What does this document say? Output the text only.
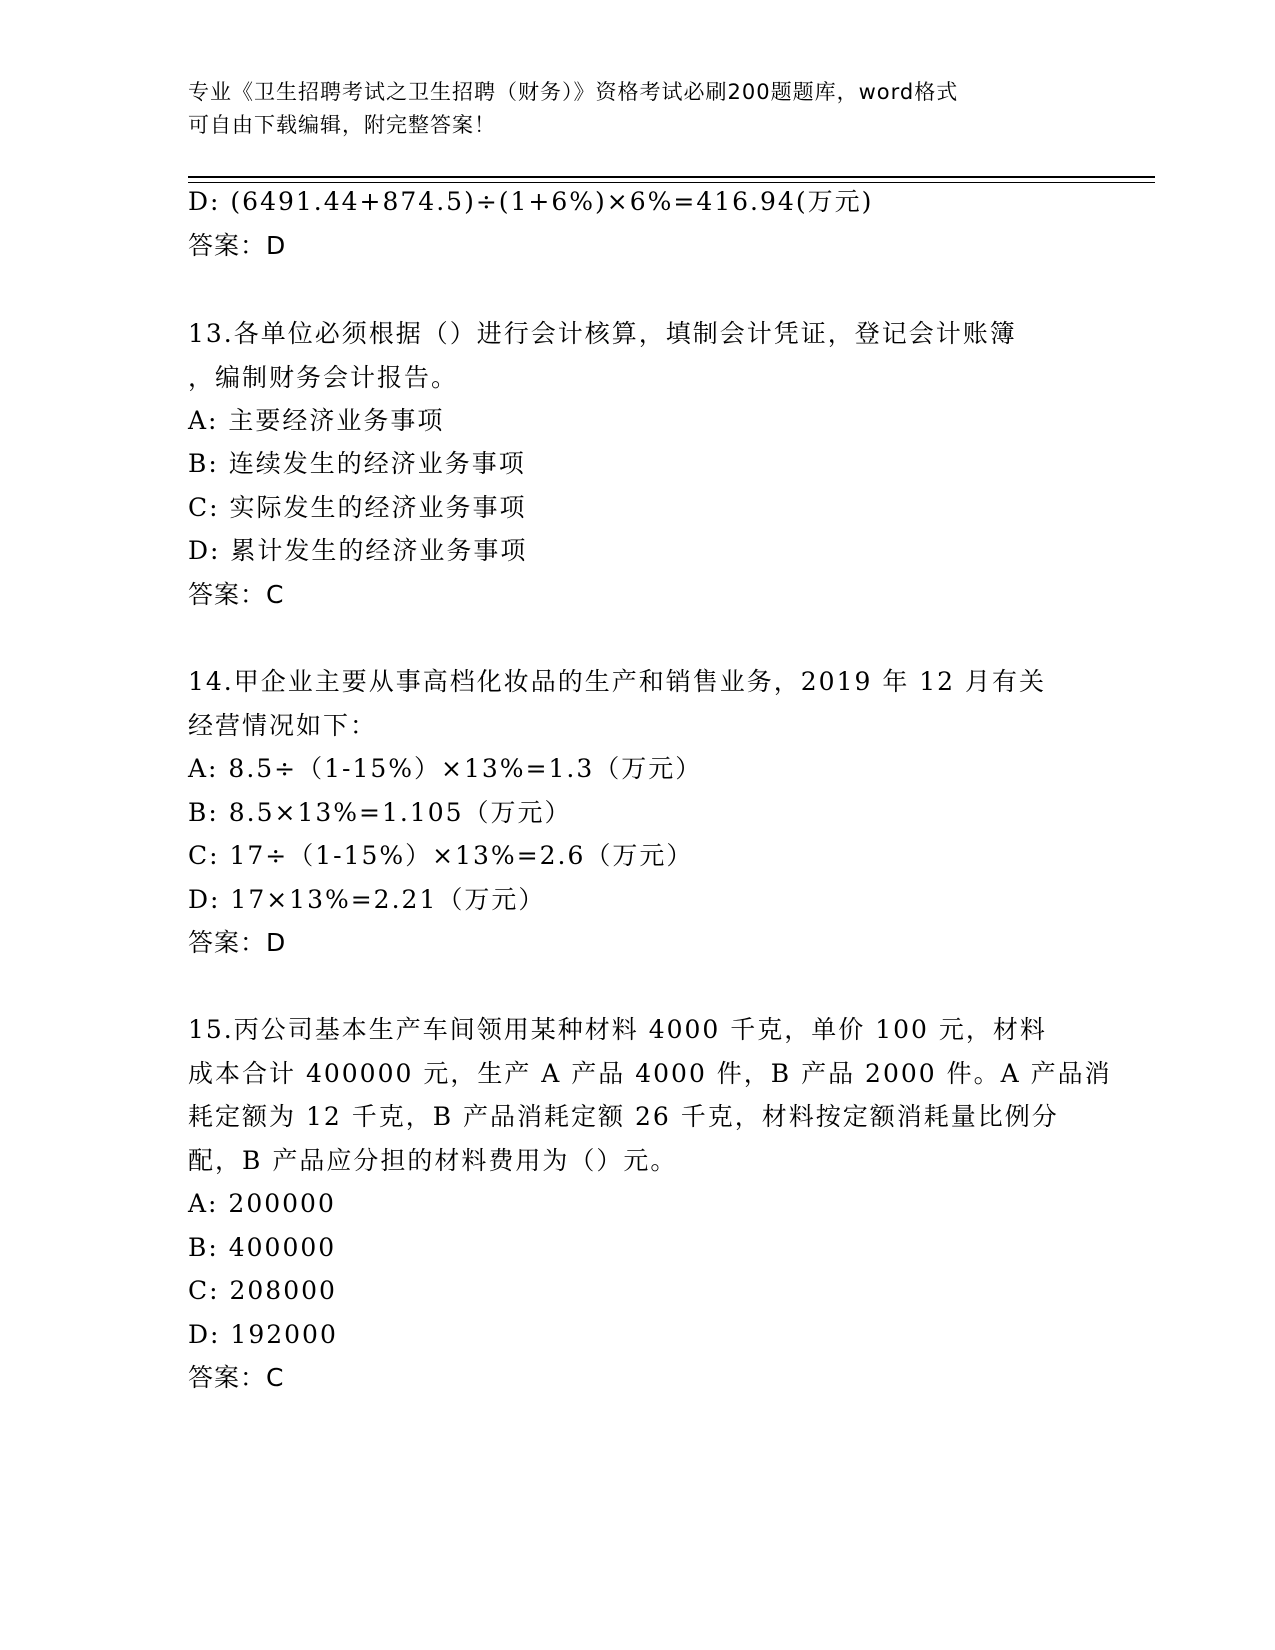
专业《卫生招聘考试之卫生招聘（财务）》资格考试必刷200题题库，word格式
可自由下载编辑，附完整答案！
D: (6491.44+874.5)÷(1+6%)×6%=416.94(万元)
答案：D
13.各单位必须根据（）进行会计核算，填制会计凭证，登记会计账簿
，编制财务会计报告。
A: 主要经济业务事项
B: 连续发生的经济业务事项
C: 实际发生的经济业务事项
D: 累计发生的经济业务事项
答案：C
14.甲企业主要从事高档化妆品的生产和销售业务，2019 年 12 月有关
经营情况如下：
A: 8.5÷（1-15%）×13%=1.3（万元）
B: 8.5×13%=1.105（万元）
C: 17÷（1-15%）×13%=2.6（万元）
D: 17×13%=2.21（万元）
答案：D
15.丙公司基本生产车间领用某种材料 4000 千克，单价 100 元，材料
成本合计 400000 元，生产 A 产品 4000 件，B 产品 2000 件。A 产品消
耗定额为 12 千克，B 产品消耗定额 26 千克，材料按定额消耗量比例分
配，B 产品应分担的材料费用为（）元。
A: 200000
B: 400000
C: 208000
D: 192000
答案：C
